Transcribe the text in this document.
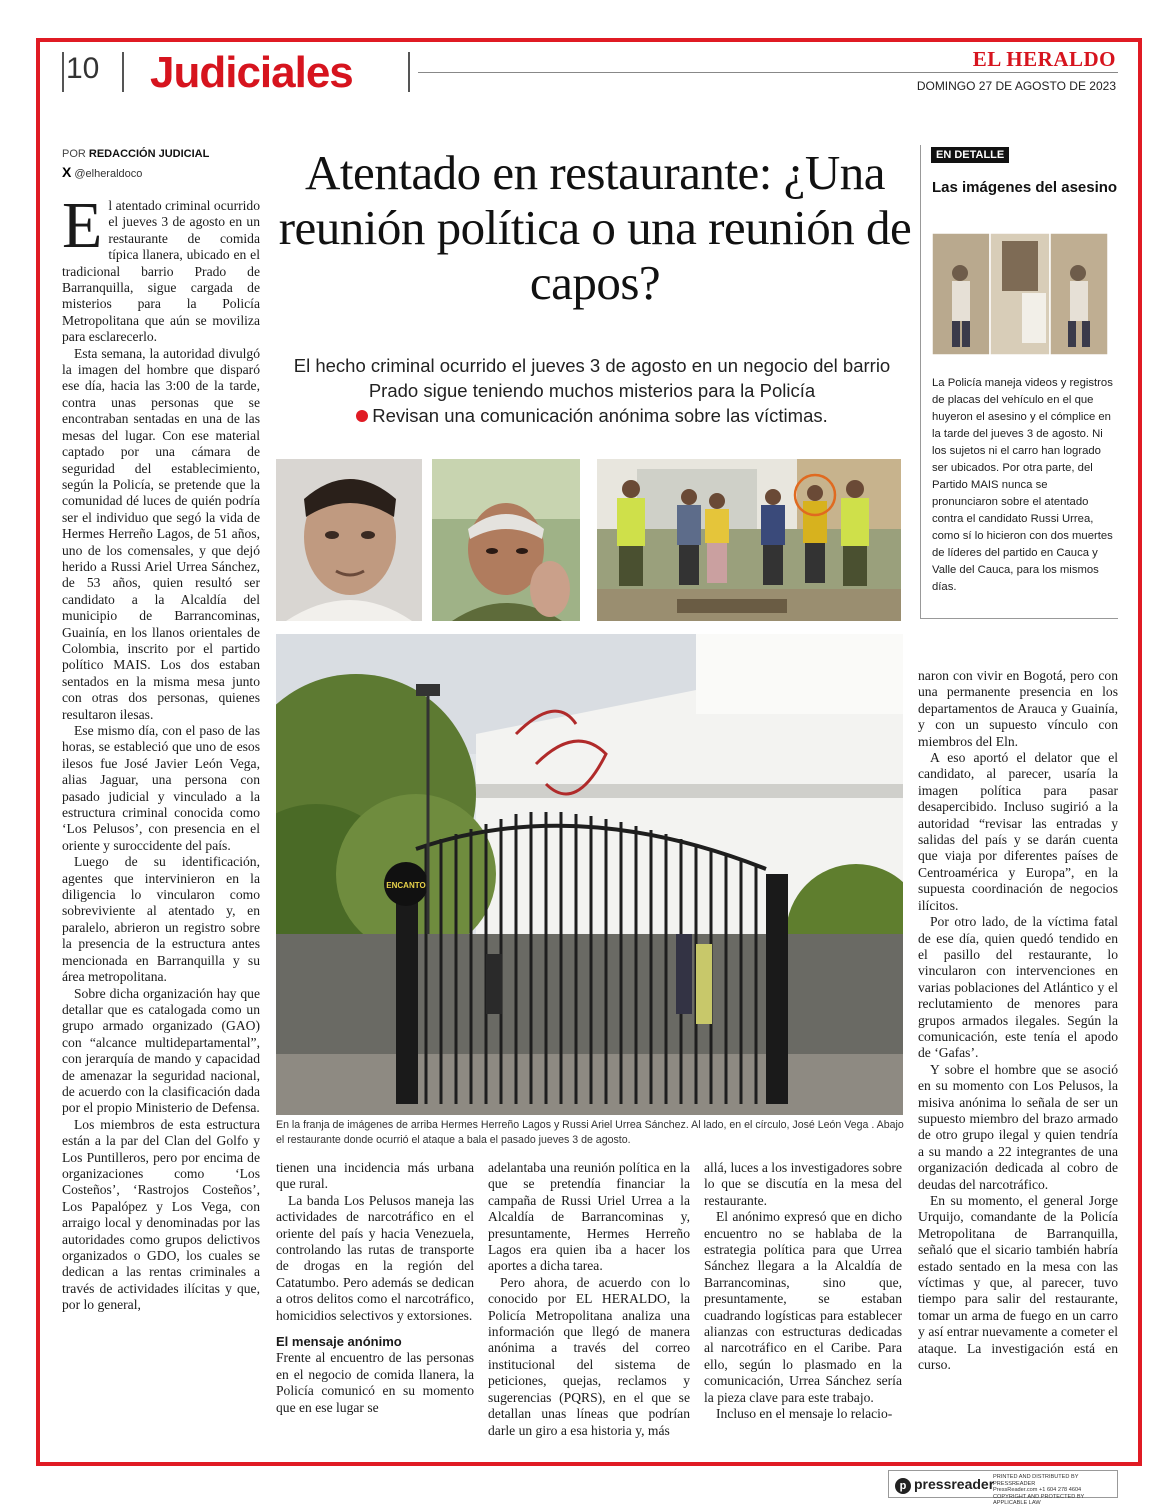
10 Judiciales	EL HERALDO
DOMINGO 27 DE AGOSTO DE 2023
POR REDACCIÓN JUDICIAL
X @elheraldoco	Atentado en restaurante: ¿Una reunión política o una reunión de capos?
El hecho criminal ocurrido el jueves 3 de agosto en un negocio del barrio Prado sigue teniendo muchos misterios para la Policía
Revisan una comunicación anónima sobre las víctimas.
EN DETALLE
Las imágenes del asesino
La Policía maneja videos y registros de placas del vehículo en el que huyeron el asesino y el cómplice en la tarde del jueves 3 de agosto. Ni los sujetos ni el carro han logrado ser ubicados. Por otra parte, del Partido MAIS nunca se pronunciaron sobre el atentado contra el candidato Russi Urrea, como sí lo hicieron con dos muertes de líderes del partido en Cauca y Valle del Cauca, para los mismos días.
ENCANTO
En la franja de imágenes de arriba Hermes Herreño Lagos y Russi Ariel Urrea Sánchez. Al lado, en el círculo, José León Vega . Abajo el restaurante donde ocurrió el ataque a bala el pasado jueves 3 de agosto.

El atentado criminal ocurrido el jueves 3 de agosto en un restaurante de comida típica llanera, ubicado en el tradicional barrio Prado de Barranquilla, sigue cargada de misterios para la Policía Metropolitana que aún se moviliza para esclarecerlo.

Esta semana, la autoridad divulgó la imagen del hombre que disparó ese día, hacia las 3:00 de la tarde, contra unas personas que se encontraban sentadas en una de las mesas del lugar. Con ese material captado por una cámara de seguridad del establecimiento, según la Policía, se pretende que la comunidad dé luces de quién podría ser el individuo que segó la vida de Hermes Herreño Lagos, de 51 años, uno de los comensales, y que dejó herido a Russi Ariel Urrea Sánchez, de 53 años, quien resultó ser candidato a la Alcaldía del municipio de Barrancominas, Guainía, en los llanos orientales de Colombia, inscrito por el partido político MAIS. Los dos estaban sentados en la misma mesa junto con otras dos personas, quienes resultaron ilesas.

Ese mismo día, con el paso de las horas, se estableció que uno de esos ilesos fue José Javier León Vega, alias Jaguar, una persona con pasado judicial y vinculado a la estructura criminal conocida como ‘Los Pelusos’, con presencia en el oriente y suroccidente del país.

Luego de su identificación, agentes que intervinieron en la diligencia lo vincularon como sobreviviente al atentado y, en paralelo, abrieron un registro sobre la presencia de la estructura antes mencionada en Barranquilla y su área metropolitana.

Sobre dicha organización hay que detallar que es catalogada como un grupo armado organizado (GAO) con “alcance multidepartamental”, con jerarquía de mando y capacidad de amenazar la seguridad nacional, de acuerdo con la clasificación dada por el propio Ministerio de Defensa.

Los miembros de esta estructura están a la par del Clan del Golfo y Los Puntilleros, pero por encima de organizaciones como ‘Los Costeños’, ‘Rastrojos Costeños’, Los Papalópez y Los Vega, con arraigo local y denominadas por las autoridades como grupos delictivos organizados o GDO, los cuales se dedican a las rentas criminales a través de actividades ilícitas y que, por lo general,

tienen una incidencia más urbana que rural.

La banda Los Pelusos maneja las actividades de narcotráfico en el oriente del país y hacia Venezuela, controlando las rutas de transporte de drogas en la región del Catatumbo. Pero además se dedican a otros delitos como el narcotráfico, homicidios selectivos y extorsiones.

El mensaje anónimo

Frente al encuentro de las personas en el negocio de comida llanera, la Policía comunicó en su momento que en ese lugar se

adelantaba una reunión política en la que se pretendía financiar la campaña de Russi Uriel Urrea a la Alcaldía de Barrancominas y, presuntamente, Hermes Herreño Lagos era quien iba a hacer los aportes a dicha tarea.

Pero ahora, de acuerdo con lo conocido por EL HERALDO, la Policía Metropolitana analiza una información que llegó de manera anónima a través del correo institucional del sistema de peticiones, quejas, reclamos y sugerencias (PQRS), en el que se detallan unas líneas que podrían darle un giro a esa historia y, más

allá, luces a los investigadores sobre lo que se discutía en la mesa del restaurante.

El anónimo expresó que en dicho encuentro no se hablaba de la estrategia política para que Urrea Sánchez llegara a la Alcaldía de Barrancominas, sino que, presuntamente, se estaban cuadrando logísticas para establecer alianzas con estructuras dedicadas al narcotráfico en el Caribe. Para ello, según lo plasmado en la comunicación, Urrea Sánchez sería la pieza clave para este trabajo.

Incluso en el mensaje lo relacio-

naron con vivir en Bogotá, pero con una permanente presencia en los departamentos de Arauca y Guainía, y con un supuesto vínculo con miembros del Eln.

A eso aportó el delator que el candidato, al parecer, usaría la imagen política para pasar desapercibido. Incluso sugirió a la autoridad “revisar las entradas y salidas del país y se darán cuenta que viaja por diferentes países de Centroamérica y Europa”, en la supuesta coordinación de negocios ilícitos.

Por otro lado, de la víctima fatal de ese día, quien quedó tendido en el pasillo del restaurante, lo vincularon con intervenciones en varias poblaciones del Atlántico y el reclutamiento de menores para grupos armados ilegales. Según la comunicación, este tenía el apodo de ‘Gafas’.

Y sobre el hombre que se asoció en su momento con Los Pelusos, la misiva anónima lo señala de ser un supuesto miembro del brazo armado de otro grupo ilegal y quien tendría a su mando a 22 integrantes de una organización dedicada al cobro de deudas del narcotráfico.

En su momento, el general Jorge Urquijo, comandante de la Policía Metropolitana de Barranquilla, señaló que el sicario también habría estado sentado en la mesa con las víctimas y que, al parecer, tuvo tiempo para salir del restaurante, tomar un arma de fuego en un carro y así entrar nuevamente a cometer el ataque. La investigación está en curso.

p pressreader
PRINTED AND DISTRIBUTED BY PRESSREADER
PressReader.com +1 604 278 4604
COPYRIGHT AND PROTECTED BY APPLICABLE LAW
